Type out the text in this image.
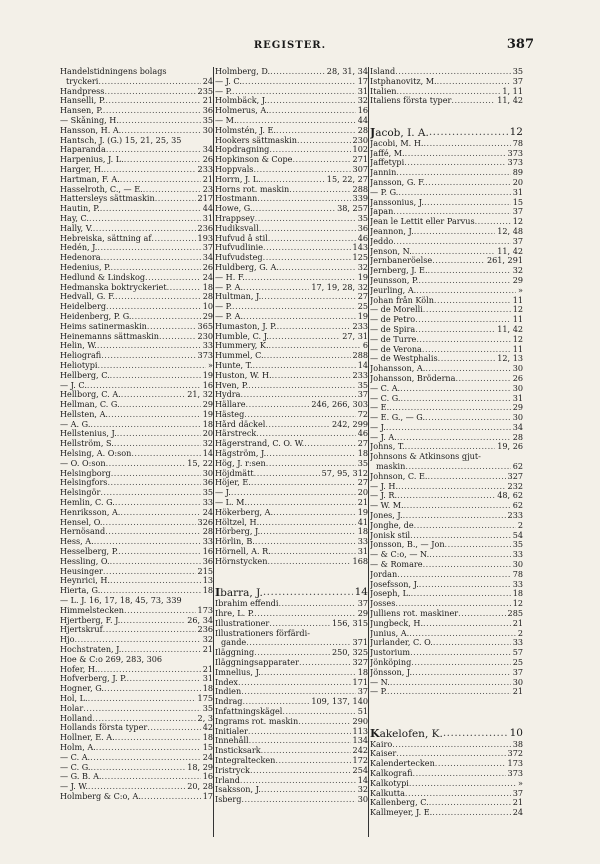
REGISTER.	387
Handelstidningens bolags
tryckeri .....	24
Handpress .....	235
Hanselli, P. .....	21
Hansen, P. .....	36
— Skåning, H. .....	35
Hansson, H. A. .....	30
Hantsch, J. (G.) 15, 21, 25, 35
Haparanda .....	34
Harpenius, J. L. .....	26
Harger, H. .....	233
Hartman, F. A. .....	21
Hasselroth, C., — E. .....	23
Hattersleys sättmaskin .....	217
Hautin, P. .....	44
Hay, C. .....	31
Hally, V. .....	236
Hebreiska, sättning af .....	193
Hedén, J. .....	37
Hedenora .....	34
Hedenius, P. .....	26
Hedlund & Lindskog .....	24
Hedmanska boktryckeriet .....	18
Hedvall, G. F. .....	28
Heidelberg .....	10
Heidenberg, P. G. .....	29
Heims satinermaskin .....	365
Heinemanns sättmaskin .....	230
Helin, W. .....	33
Heliografi .....	373
Heliotypi .....	»
Hellberg, C. .....	19
— J. C. .....	16
Hellborg, C. A. .....	21, 32
Hellman, C. G. .....	29
Hellsten, A. .....	19
— A. G. .....	18
Hellstenius, J. .....	20
Hellström, S. .....	32
Helsing, A. O:son .....	14
— O. O:son .....	15, 22
Helsingborg .....	30
Helsingfors .....	36
Helsingör .....	35
Hemlin, C. G. .....	33
Henriksson, A. .....	24
Hensel, O. .....	326
Hernösand .....	28
Hess, A. .....	33
Hesselberg, P. .....	16
Hessling, O. .....	36
Heusinger .....	215
Heynrici, H. .....	13
Hierta, G. .....	18
— L. J. 16, 17, 18, 45, 73, 339
Himmelstecken .....	173
Hjertberg, F. J. .....	26, 34
Hjertskruf .....	236
Hjo .....	32
Hochstraten, J. .....	21
Hoe & C:o 269, 283, 306
Hofer, H. .....	21
Hofverberg, J. P. .....	31
Hogner, G. .....	18
Hol, L. .....	175
Holar .....	35
Holland .....	2, 3
Hollands första typer .....	42
Hollner, E. A. .....	18
Holm, A. .....	15
— C. A. .....	24
— C. G. .....	18, 29
— G. B. A. .....	16
— J. W. .....	20, 28
Holmberg & C:o, A. .....	17
Holmberg, D. .....	28, 31, 34
— J. C. .....	17
— P. .....	31
Holmbäck, J. .....	32
Holmerus, A. .....	16
— M. .....	44
Holmstén, J. E. .....	28
Hookers sättmaskin .....	230
Hopdragning .....	102
Hopkinson & Cope .....	271
Hoppvals .....	307
Horrn, J. L. .....	15, 22, 27
Horns rot. maskin .....	288
Hostmann .....	339
Howe, G. .....	38, 257
Hrappsey .....	35
Hudiksvall .....	36
Hufvud å stil .....	46
Hufvudlinie .....	143
Hufvudsteg .....	125
Huldberg, G. A. .....	32
— H. F. .....	19
— P. A. .....	17, 19, 28, 32
Hultman, J. .....	27
— P. .....	25
— P. A. .....	19
Humaston, J. P. .....	233
Humble, C. J. .....	27, 31
Hummery, K. .....	6
Hummel, C. .....	288
Hunte, T. .....	14
Huston, W. H. .....	233
Hven, P. .....	35
Hydra .....	37
Hällare .....	246, 266, 303
Hästeg .....	72
Hård däckel .....	242, 299
Härstreck .....	46
Hägerstrand, C. O. W. .....	27
Hägström, J. .....	18
Hög, J. r:sen .....	35
Höjdmätt .....	57, 95, 312
Höjer, E. .....	27
— J. .....	20
— L. M. .....	21
Hökerberg, A. .....	19
Höltzel, H. .....	41
Hörberg, J. .....	18
Hörlin, B. .....	33
Hörnell, A. R. .....	31
Hörnstycken .....	168
Ibarra, J. .....	14
Ibrahim effendi .....	37
Ihre, L. P. .....	29
Illustrationer .....	156, 315
Illustrationers förfärdi-
gande .....	371
Iläggning .....	250, 325
Iläggningsapparater .....	327
Imnelius, J. .....	18
Index .....	171
Indien .....	37
Indrag .....	109, 137, 140
Infattningskägel .....	51
Ingrams rot. maskin .....	290
Initialer .....	113
Innehåll .....	134
Insticksark .....	242
Integraltecken .....	172
Iristryck .....	254
Irland .....	14
Isaksson, J. .....	32
Isberg .....	30
Island .....	35
Istphanovitz, M. .....	37
Italien .....	1, 11
Italiens första typer .....	11, 42
Jacob, I. A. .....	12
Jacobi, M. H. .....	78
Jaffé, M. .....	373
Jaffetypi .....	373
Jannin .....	89
Jansson, G. F. .....	20
— P. G. .....	31
Janssonius, J. .....	15
Japan .....	37
Jean le Lettit eller Parvus .....	12
Jeannon, J. .....	12, 48
Jeddo .....	37
Jenson, N. .....	11, 42
Jernbaneröelse .....	261, 291
Jernberg, J. E. .....	32
Jeunsson, P. .....	29
Jeurling, A. .....	»
Johan från Köln .....	11
— de Morelli .....	12
— de Petro .....	11
— de Spira .....	11, 42
— de Turre .....	12
— de Verona .....	11
— de Westphalis .....	12, 13
Johansson, A. .....	30
Johansson, Bröderna .....	26
— C. A. .....	30
— C. G. .....	31
— E. .....	29
— E. G., — G. .....	30
— J. .....	34
— J. A. .....	28
Johns, T. .....	19, 26
Johnsons & Atkinsons gjut-
maskin .....	62
Johnson, C. E. .....	327
— J. H. .....	232
— J. R. .....	48, 62
— W. M. .....	62
Jones, J. .....	233
Jonghe, de .....	2
Jonisk stil .....	54
Jonsson, B., — Jon .....	35
— & C:o, — N. .....	33
— & Romare .....	30
Jordan .....	78
Josefsson, J. .....	33
Joseph, L. .....	18
Josses .....	12
Julliens rot. maskiner .....	285
Jungbeck, H. .....	21
Junius, A. .....	2
Jurlander, C. O. .....	33
Justorium .....	57
Jönköping .....	25
Jönsson, J. .....	37
— N. .....	30
— P. .....	21
Kakelofen, K. .....	10
Kairo .....	38
Kaiser .....	372
Kalendertecken .....	173
Kalkografi .....	373
Kalkotypi .....	»
Kalkutta .....	37
Kallenberg, C. .....	21
Kallmeyer, J. E. .....	24
